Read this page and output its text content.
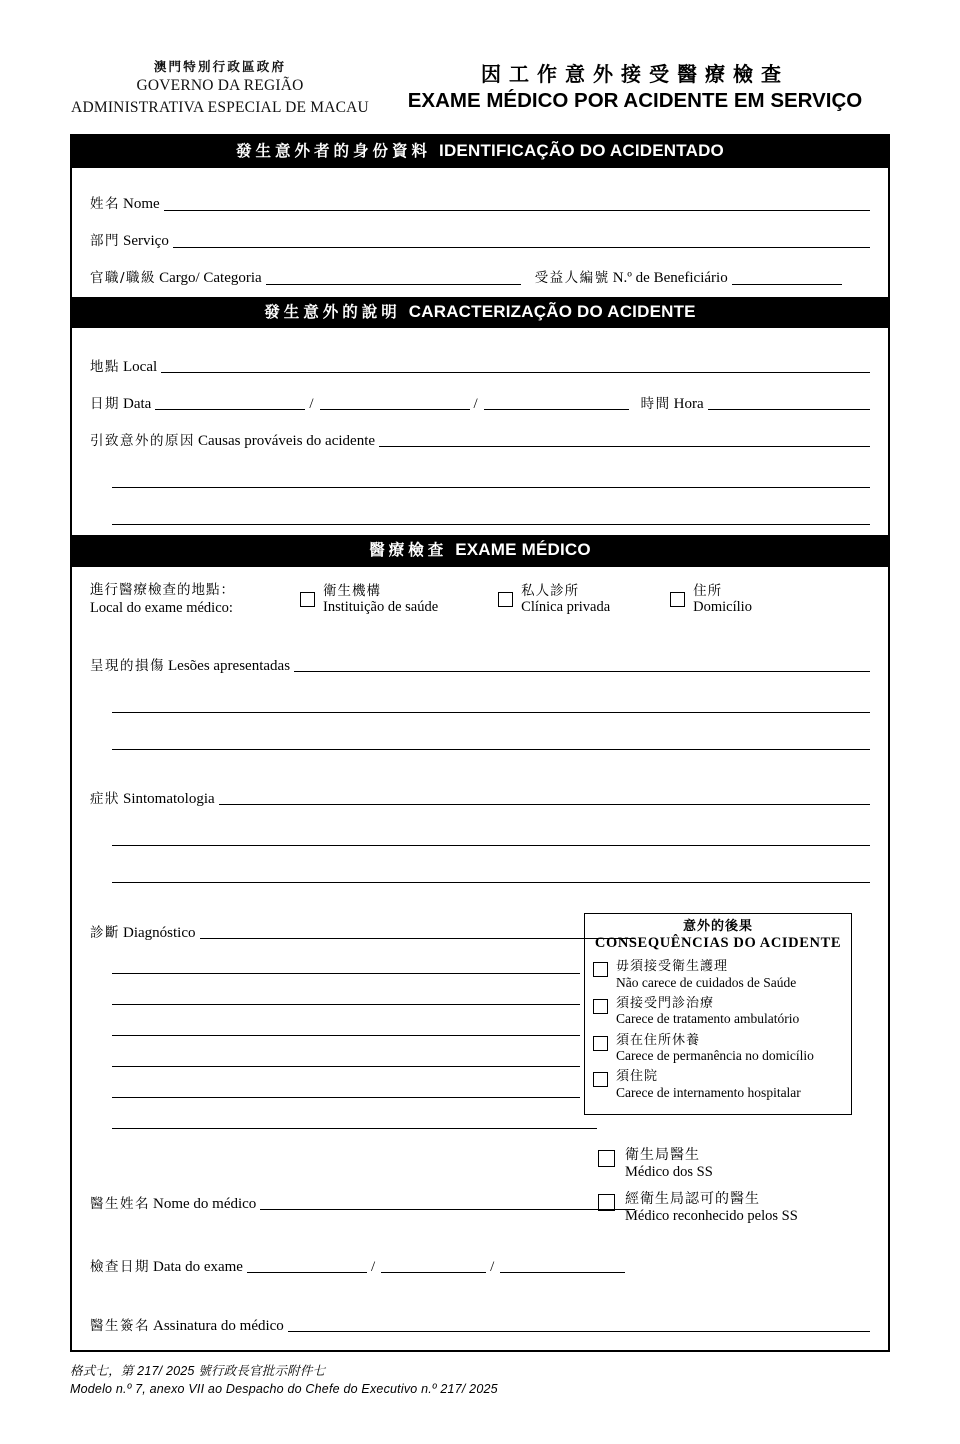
澳門特別行政區政府
GOVERNO DA REGIÃO
ADMINISTRATIVA ESPECIAL DE MACAU
因工作意外接受醫療檢查
EXAME MÉDICO POR ACIDENTE EM SERVIÇO
發生意外者的身份資料 IDENTIFICAÇÃO DO ACIDENTADO
姓名 Nome
部門 Serviço
官職/職級 Cargo/ Categoria	受益人編號 N.º de Beneficiário
發生意外的說明 CARACTERIZAÇÃO DO ACIDENTE
地點 Local
日期 Data	/	/	時間 Hora
引致意外的原因 Causas prováveis do acidente
醫療檢查 EXAME MÉDICO
進行醫療檢查的地點：
Local do exame médico:
衛生機構
Instituição de saúde
私人診所
Clínica privada
住所
Domicílio
呈現的損傷 Lesões apresentadas
症狀 Sintomatologia
意外的後果
CONSEQUÊNCIAS DO ACIDENTE
毋須接受衛生護理
Não carece de cuidados de Saúde
須接受門診治療
Carece de tratamento ambulatório
須在住所休養
Carece de permanência no domicílio
須住院
Carece de internamento hospitalar
診斷 Diagnóstico
衛生局醫生
Médico dos SS
經衛生局認可的醫生
Médico reconhecido pelos SS
醫生姓名 Nome do médico
檢查日期 Data do exame	/	/
醫生簽名 Assinatura do médico
格式七，第 217/ 2025 號行政長官批示附件七
Modelo n.º 7, anexo VII ao Despacho do Chefe do Executivo n.º 217/ 2025
